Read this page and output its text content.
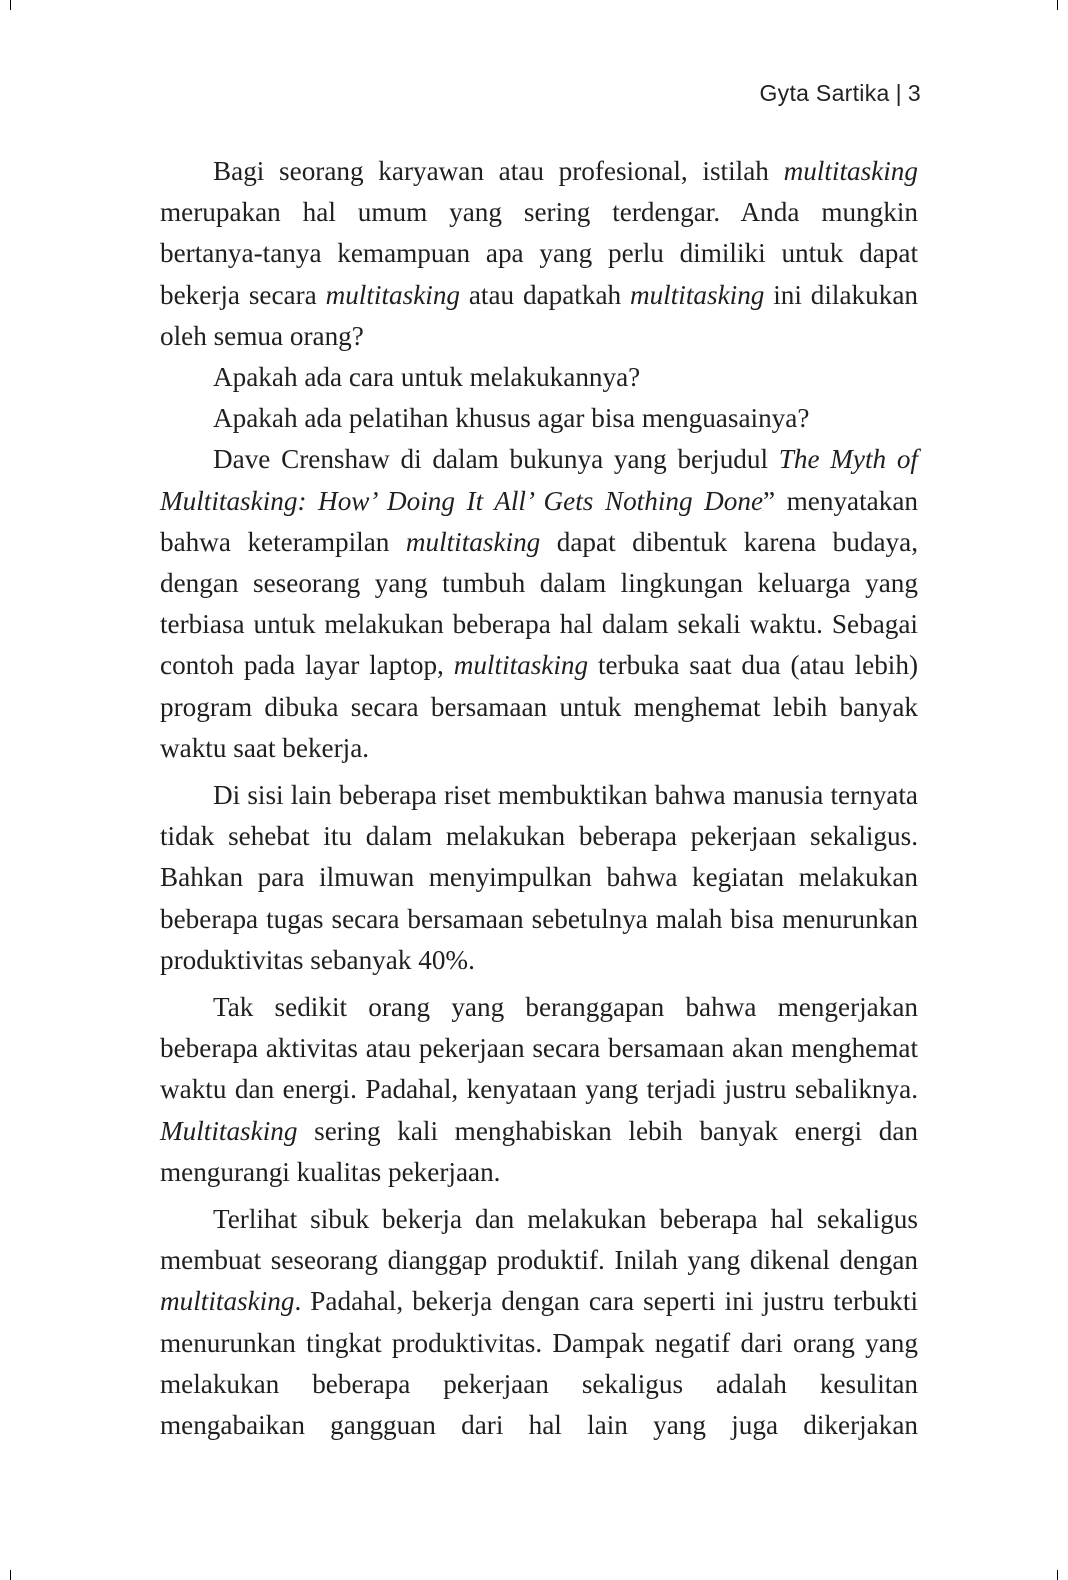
Gyta Sartika | 3

Bagi seorang karyawan atau profesional, istilah multitasking merupakan hal umum yang sering terdengar. Anda mungkin bertanya-tanya kemampuan apa yang perlu dimiliki untuk dapat bekerja secara multitasking atau dapatkah multitasking ini dilakukan oleh semua orang?

Apakah ada cara untuk melakukannya?

Apakah ada pelatihan khusus agar bisa menguasainya?

Dave Crenshaw di dalam bukunya yang berjudul The Myth of Multitasking: How’ Doing It All’ Gets Nothing Done” menyatakan bahwa keterampilan multitasking dapat dibentuk karena budaya, dengan seseorang yang tumbuh dalam lingkungan keluarga yang terbiasa untuk melakukan beberapa hal dalam sekali waktu. Sebagai contoh pada layar laptop, multitasking terbuka saat dua (atau lebih) program dibuka secara bersamaan untuk menghemat lebih banyak waktu saat bekerja.

Di sisi lain beberapa riset membuktikan bahwa manusia ternyata tidak sehebat itu dalam melakukan beberapa pekerjaan sekaligus. Bahkan para ilmuwan menyimpulkan bahwa kegiatan melakukan beberapa tugas secara bersamaan sebetulnya malah bisa menurunkan produktivitas sebanyak 40%.

Tak sedikit orang yang beranggapan bahwa mengerjakan beberapa aktivitas atau pekerjaan secara bersamaan akan menghemat waktu dan energi. Padahal, kenyataan yang terjadi justru sebaliknya. Multitasking sering kali menghabiskan lebih banyak energi dan mengurangi kualitas pekerjaan.

Terlihat sibuk bekerja dan melakukan beberapa hal sekaligus membuat seseorang dianggap produktif. Inilah yang dikenal dengan multitasking. Padahal, bekerja dengan cara seperti ini justru terbukti menurunkan tingkat produktivitas. Dampak negatif dari orang yang melakukan beberapa pekerjaan sekaligus adalah kesulitan mengabaikan gangguan dari hal lain yang juga dikerjakan
